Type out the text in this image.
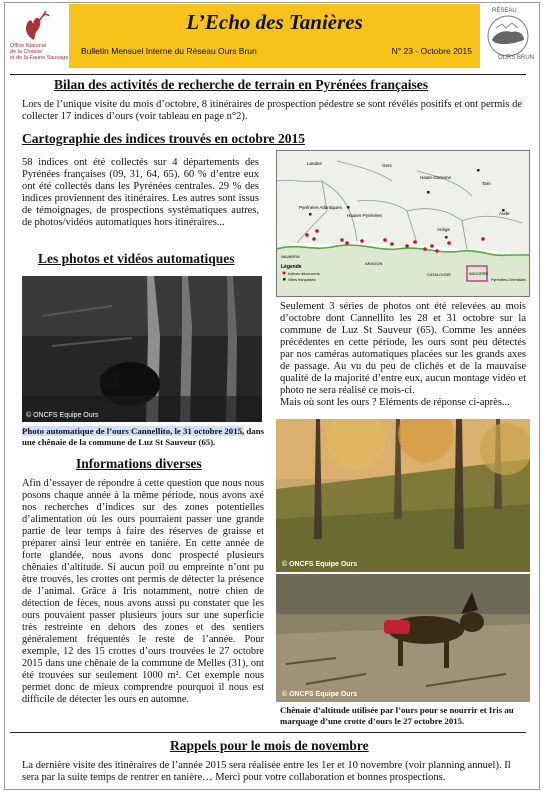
Office National
de la Chasse
et de la Faune Sauvage
L’Echo des Tanières
Bulletin Mensuel Interne du Réseau Ours Brun	N° 23 - Octobre 2015
RÉSEAU
OURS BRUN
Bilan des activités de recherche de terrain en Pyrénées françaises
Lors de l’unique visite du mois d’octobre, 8 itinéraires de prospection pédestre se sont révélés positifs et ont permis de collecter 17 indices d’ours (voir tableau en page n°2).
Cartographie des indices trouvés en octobre 2015
58 indices ont été collectés sur 4 départements des Pyrénées françaises (09, 31, 64, 65). 60 % d’entre eux ont été collectés dans les Pyrénées centrales. 29 % des indices proviennent des itinéraires. Les autres sont issus de témoignages, de prospections systématiques autres, de photos/vidéos automatiques hors itinéraires...
Pyrénées-Atlantiques
Landes	Gers
Haute-Garonne
Tarn
Aude
Ariège
Hautes-Pyrénées
NAVARRA
ARAGON
CATALOGNE	ANDORRE
Pyrénées-Orientales
Légende
Indices découverts
Villes françaises
Les photos et vidéos automatiques
© ONCFS Equipe Ours
Photo automatique de l’ours Cannellito, le 31 octobre 2015, dans une chênaie de la commune de Luz St Sauveur (65).
Seulement 3 séries de photos ont été relevées au mois d’octobre dont Cannellito les 28 et 31 octobre sur la commune de Luz St Sauveur (65). Comme les années précédentes en cette période, les ours sont peu détectés par nos caméras automatiques placées sur les grands axes de passage. Au vu du peu de clichés et de la mauvaise qualité de la majorité d’entre eux, aucun montage vidéo et photo ne sera réalisé ce mois-ci.

Mais où sont les ours ? Eléments de réponse ci-après...
Informations diverses
Afin d’essayer de répondre à cette question que nous nous posons chaque année à la même période, nous avons axé nos recherches d’indices sur des zones potentielles d’alimentation où les ours pourraient passer une grande partie de leur temps à faire des réserves de graisse et préparer ainsi leur entrée en tanière. En cette année de forte glandée, nous avons donc prospecté plusieurs chênaies d’altitude. Si aucun poil ou empreinte n’ont pu être trouvés, les crottes ont permis de détecter la présence de l’animal. Grâce à Iris notamment, notre chien de détection de fèces, nous avons aussi pu constater que les ours pouvaient passer plusieurs jours sur une superficie très restreinte en dehors des zones et des sentiers généralement fréquentés le reste de l’année. Pour exemple, 12 des 15 crottes d’ours trouvées le 27 octobre 2015 dans une chênaie de la commune de Melles (31), ont été trouvées sur seulement 1000 m². Cet exemple nous permet donc de mieux comprendre pourquoi il nous est difficile de détecter les ours en automne.
© ONCFS Equipe Ours
© ONCFS Equipe Ours
Chênaie d’altitude utilisée par l’ours pour se nourrir et Iris au marquage d’une crotte d’ours le 27 octobre 2015.
Rappels pour le mois de novembre
La dernière visite des itinéraires de l’année 2015 sera réalisée entre les 1er et 10 novembre (voir planning annuel). Il sera par la suite temps de rentrer en tanière… Merci pour votre collaboration et bonnes prospections.
